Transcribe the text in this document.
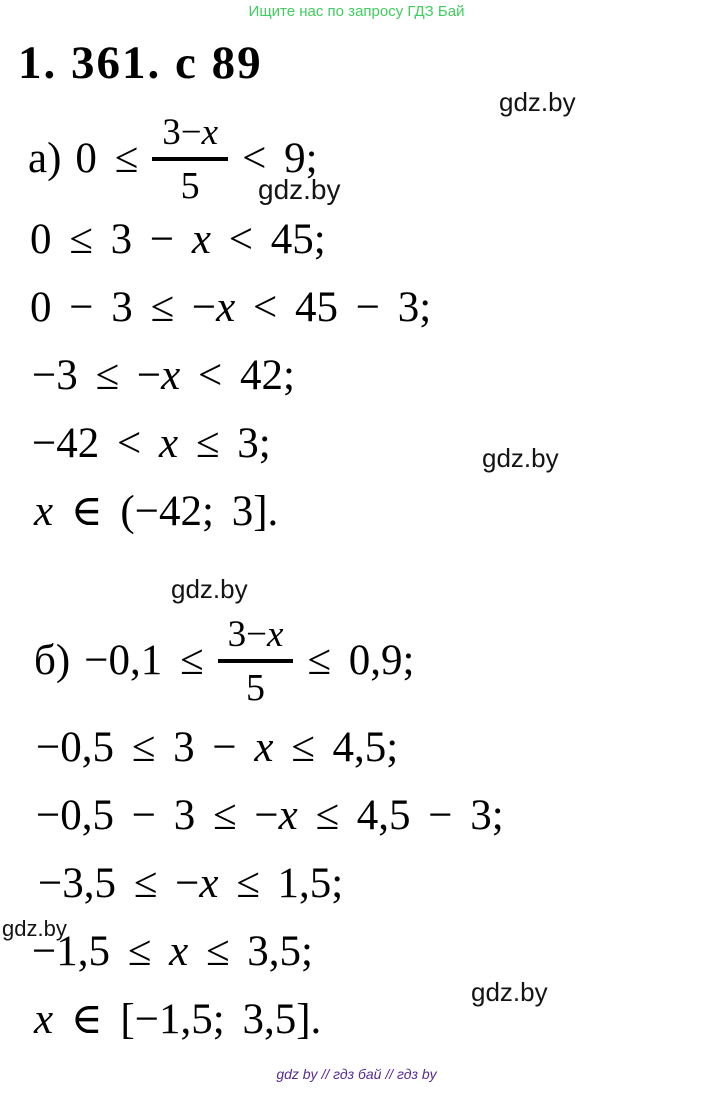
Ищите нас по запросу ГДЗ Бай
1. 361. с 89
gdz.by
gdz.by
gdz.by
gdz.by
gdz.by
gdz.by
а) $0 \le \frac{3-x}{5} < 9$;
0 ≤ 3 − x < 45;
0 − 3 ≤ −x < 45 − 3;
−3 ≤ −x < 42;
−42 < x ≤ 3;
x ∈ (−42; 3].
$б) -0,1 \le \frac{3-x}{5} \le 0,9$;
−0,5 ≤ 3 − x ≤ 4,5;
−0,5 − 3 ≤ −x ≤ 4,5 − 3;
−3,5 ≤ −x ≤ 1,5;
−1,5 ≤ x ≤ 3,5;
x ∈ [−1,5; 3,5].
gdz by // гдз бай // гдз by
